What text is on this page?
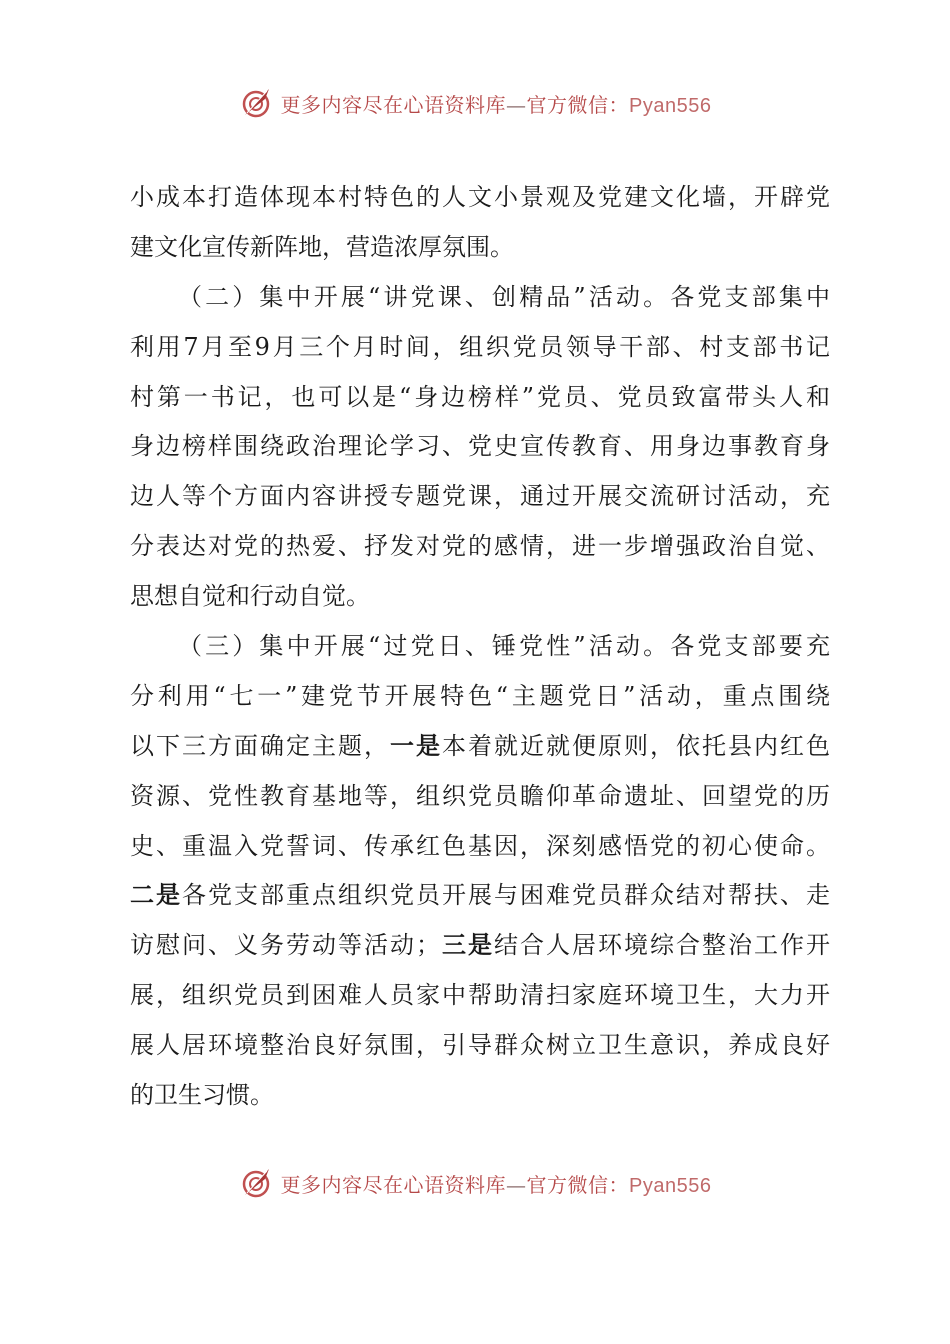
更多内容尽在心语资料库—官方微信：Pyan556
小成本打造体现本村特色的人文小景观及党建文化墙，开辟党
建文化宣传新阵地，营造浓厚氛围。
（二）集中开展“讲党课、创精品”活动。各党支部集中
利用7月至9月三个月时间，组织党员领导干部、村支部书记
村第一书记，也可以是“身边榜样”党员、党员致富带头人和
身边榜样围绕政治理论学习、党史宣传教育、用身边事教育身
边人等个方面内容讲授专题党课，通过开展交流研讨活动，充
分表达对党的热爱、抒发对党的感情，进一步增强政治自觉、
思想自觉和行动自觉。
（三）集中开展“过党日、锤党性”活动。各党支部要充
分利用“七一”建党节开展特色“主题党日”活动，重点围绕
以下三方面确定主题，一是本着就近就便原则，依托县内红色
资源、党性教育基地等，组织党员瞻仰革命遗址、回望党的历
史、重温入党誓词、传承红色基因，深刻感悟党的初心使命。
二是各党支部重点组织党员开展与困难党员群众结对帮扶、走
访慰问、义务劳动等活动；三是结合人居环境综合整治工作开
展，组织党员到困难人员家中帮助清扫家庭环境卫生，大力开
展人居环境整治良好氛围，引导群众树立卫生意识，养成良好
的卫生习惯。
更多内容尽在心语资料库—官方微信：Pyan556
